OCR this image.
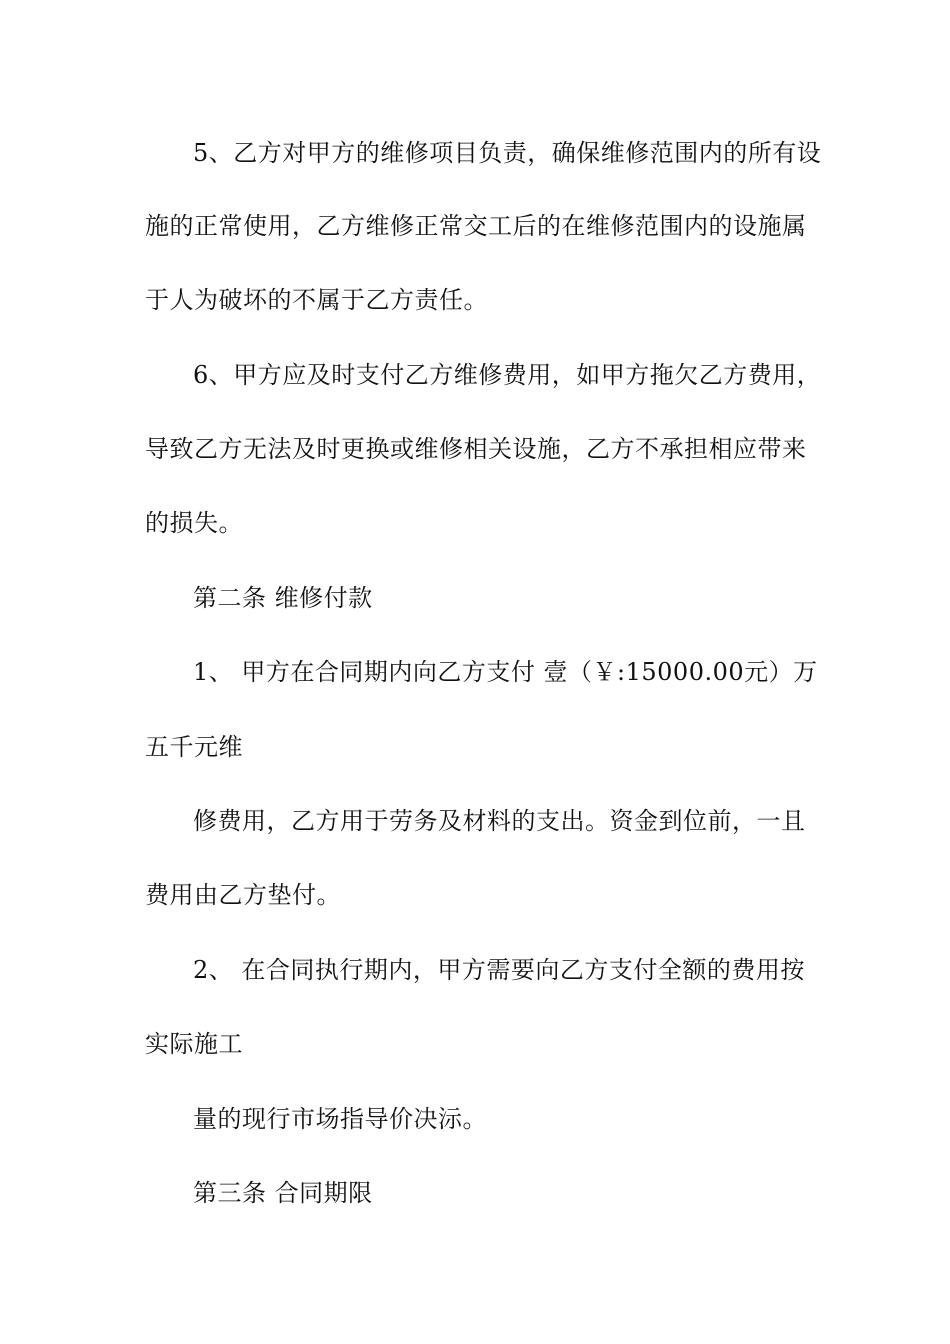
5、乙方对甲方的维修项目负责，确保维修范围内的所有设
施的正常使用，乙方维修正常交工后的在维修范围内的设施属
于人为破坏的不属于乙方责任。
6、甲方应及时支付乙方维修费用，如甲方拖欠乙方费用，
导致乙方无法及时更换或维修相关设施，乙方不承担相应带来
的损失。
第二条 维修付款
1、 甲方在合同期内向乙方支付 壹（￥:15000.00元）万
五千元维
修费用，乙方用于劳务及材料的支出。资金到位前，一且
费用由乙方垫付。
2、 在合同执行期内，甲方需要向乙方支付全额的费用按
实际施工
量的现行市场指导价决沶。
第三条 合同期限
